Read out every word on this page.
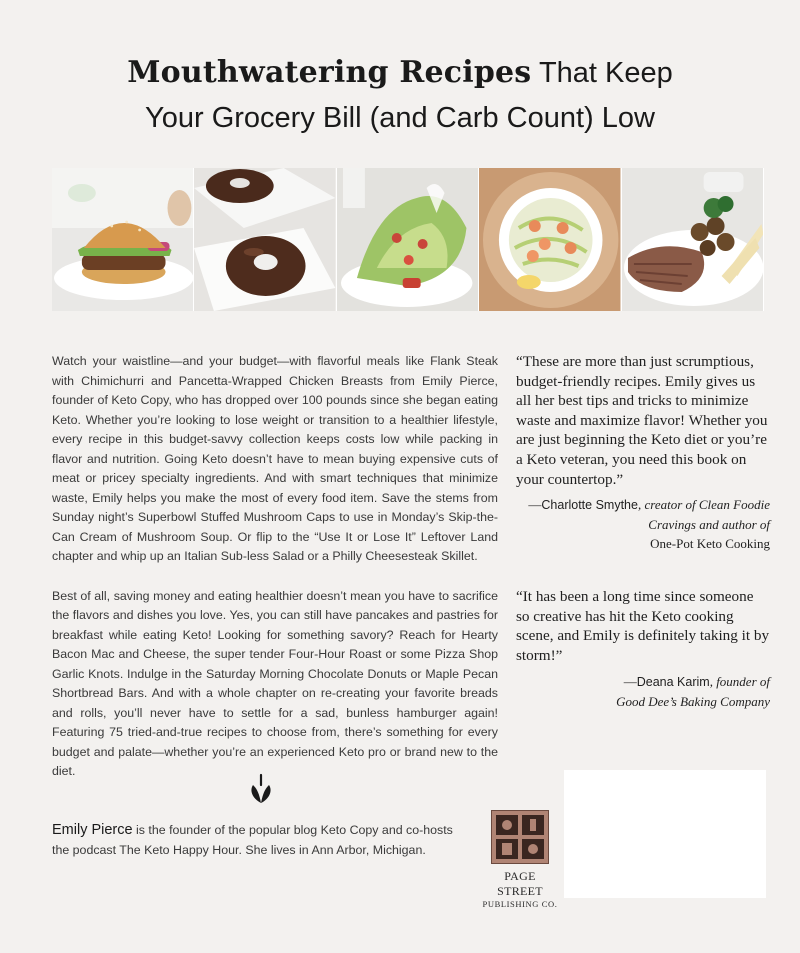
Mouthwatering Recipes That Keep
Your Grocery Bill (and Carb Count) Low

Watch your waistline—and your budget—with flavorful meals like Flank Steak with Chimichurri and Pancetta-Wrapped Chicken Breasts from Emily Pierce, founder of Keto Copy, who has dropped over 100 pounds since she began eating Keto. Whether you’re looking to lose weight or transition to a healthier lifestyle, every recipe in this budget-savvy collection keeps costs low while packing in flavor and nutrition. Going Keto doesn’t have to mean buying expensive cuts of meat or pricey specialty ingredients. And with smart techniques that minimize waste, Emily helps you make the most of every food item. Save the stems from Sunday night’s Superbowl Stuffed Mushroom Caps to use in Monday’s Skip-the-Can Cream of Mushroom Soup. Or flip to the “Use It or Lose It” Leftover Land chapter and whip up an Italian Sub-less Salad or a Philly Cheesesteak Skillet.

Best of all, saving money and eating healthier doesn’t mean you have to sacrifice the flavors and dishes you love. Yes, you can still have pancakes and pastries for breakfast while eating Keto! Looking for something savory? Reach for Hearty Bacon Mac and Cheese, the super tender Four-Hour Roast or some Pizza Shop Garlic Knots. Indulge in the Saturday Morning Chocolate Donuts or Maple Pecan Shortbread Bars. And with a whole chapter on re-creating your favorite breads and rolls, you’ll never have to settle for a sad, bunless hamburger again! Featuring 75 tried-and-true recipes to choose from, there’s something for every budget and palate—whether you’re an experienced Keto pro or brand new to the diet.

“These are more than just scrumptious, budget-friendly recipes. Emily gives us all her best tips and tricks to minimize waste and maximize flavor! Whether you are just beginning the Keto diet or you’re a Keto veteran, you need this book on your countertop.”

—Charlotte Smythe, creator of Clean Foodie Cravings and author of
One-Pot Keto Cooking

“It has been a long time since someone so creative has hit the Keto cooking scene, and Emily is definitely taking it by storm!”

—Deana Karim, founder of
Good Dee’s Baking Company
Emily Pierce is the founder of the popular blog Keto Copy and co-hosts the podcast The Keto Happy Hour. She lives in Ann Arbor, Michigan.
PAGE STREET
PUBLISHING CO.
